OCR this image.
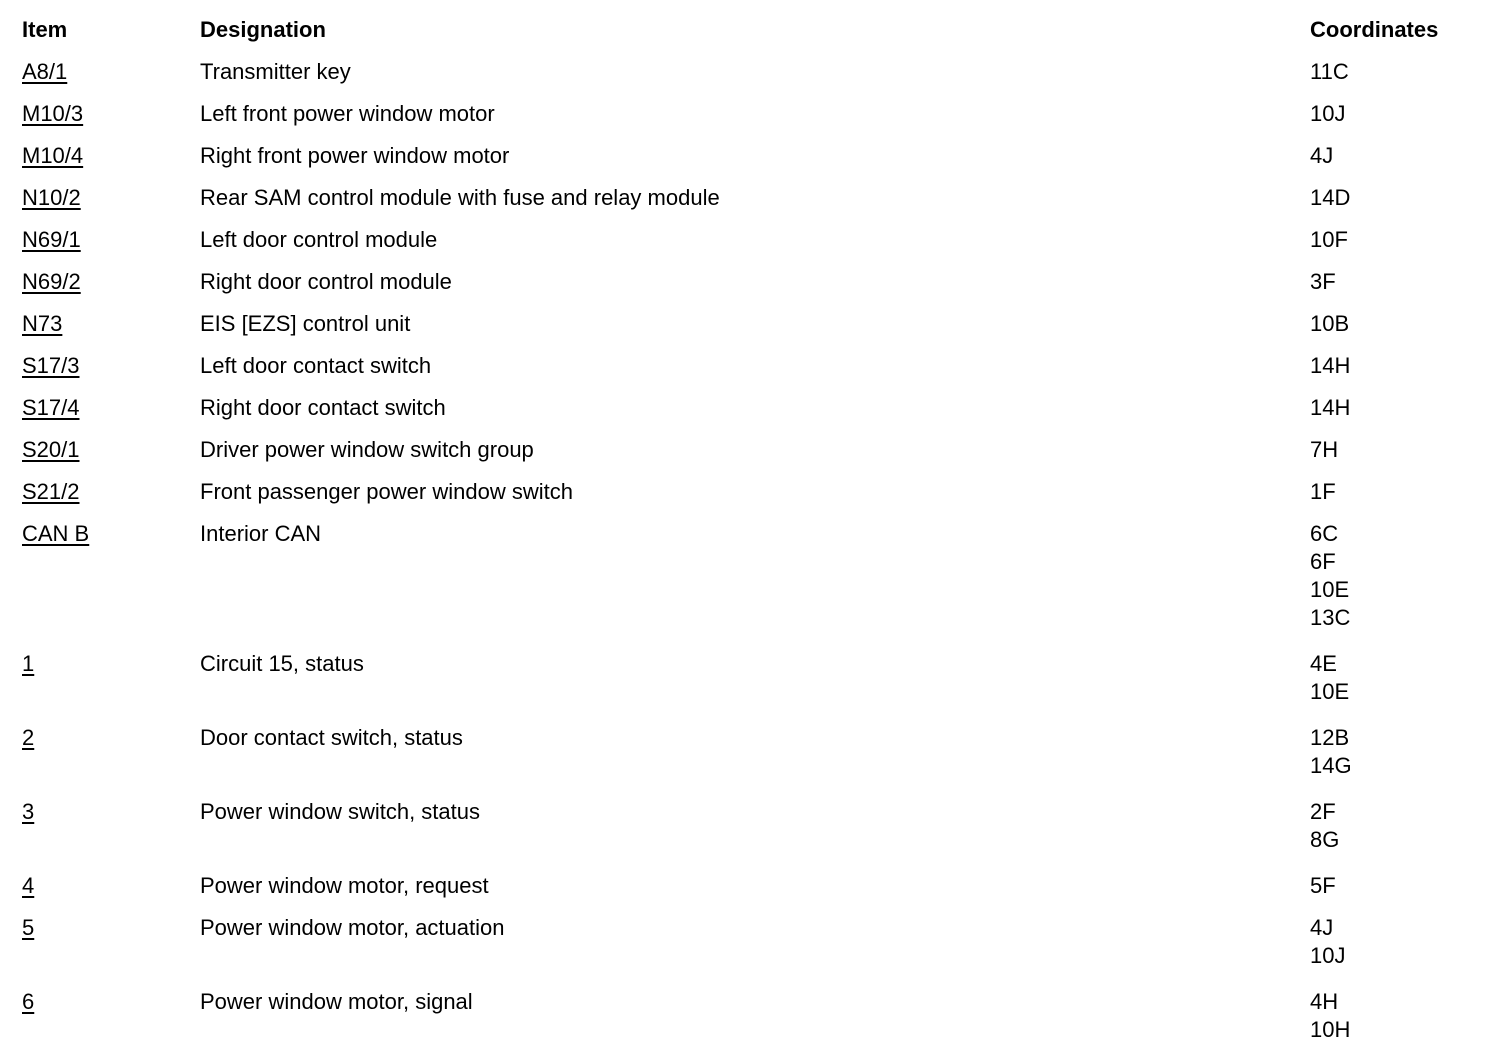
Item	Designation	Coordinates
A8/1	Transmitter key	11C

M10/3	Left front power window motor	10J

M10/4	Right front power window motor	4J

N10/2	Rear SAM control module with fuse and relay module	14D

N69/1	Left door control module	10F

N69/2	Right door control module	3F

N73	EIS [EZS] control unit	10B

S17/3	Left door contact switch	14H

S17/4	Right door contact switch	14H

S20/1	Driver power window switch group	7H

S21/2	Front passenger power window switch	1F

CAN B	Interior CAN	6C
6F
10E
13C

1	Circuit 15, status	4E
10E

2	Door contact switch, status	12B
14G

3	Power window switch, status	2F
8G

4	Power window motor, request	5F

5	Power window motor, actuation	4J
10J

6	Power window motor, signal	4H
10H
